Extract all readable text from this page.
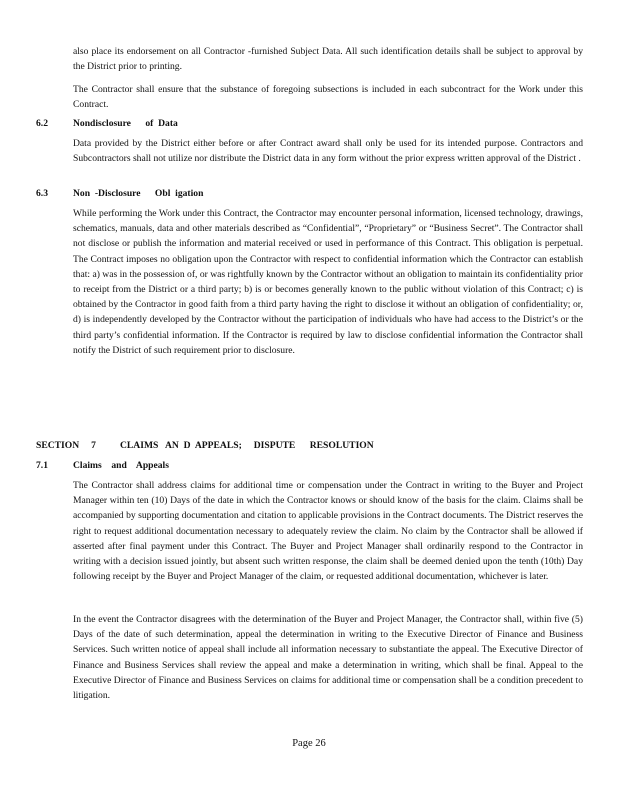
also place its endorsement on all Contractor -furnished Subject Data. All such identification details shall be subject to approval by the District prior to printing.

The Contractor shall ensure that the substance of foregoing subsections is included in each subcontract for the Work under this Contract.

6.2	Nondisclosure      of  Data

Data provided by the District either before or after Contract award shall only be used for its intended purpose. Contractors and Subcontractors shall not utilize nor distribute the District data in any form without the prior express written approval of the District .

6.3	Non  -Disclosure      Obl  igation

While performing the Work under this Contract, the Contractor may encounter personal information, licensed technology, drawings, schematics, manuals, data and other materials described as “Confidential”, “Proprietary” or “Business Secret”. The Contractor shall not disclose or publish the information and material received or used in performance of this Contract. This obligation is perpetual. The Contract imposes no obligation upon the Contractor with respect to confidential information which the Contractor can establish that: a) was in the possession of, or was rightfully known by the Contractor without an obligation to maintain its confidentiality prior to receipt from the District or a third party; b) is or becomes generally known to the public without violation of this Contract; c) is obtained by the Contractor in good faith from a third party having the right to disclose it without an obligation of confidentiality; or, d) is independently developed by the Contractor without the participation of individuals who have had access to the District’s or the third party’s confidential information. If the Contractor is required by law to disclose confidential information the Contractor shall notify the District of such requirement prior to disclosure.

SECTION     7          CLAIMS   AN  D  APPEALS;     DISPUTE      RESOLUTION
7.1	Claims    and    Appeals

The Contractor shall address claims for additional time or compensation under the Contract in writing to the Buyer and Project Manager within ten (10) Days of the date in which the Contractor knows or should know of the basis for the claim. Claims shall be accompanied by supporting documentation and citation to applicable provisions in the Contract documents. The District reserves the right to request additional documentation necessary to adequately review the claim. No claim by the Contractor shall be allowed if asserted after final payment under this Contract. The Buyer and Project Manager shall ordinarily respond to the Contractor in writing with a decision issued jointly, but absent such written response, the claim shall be deemed denied upon the tenth (10th) Day following receipt by the Buyer and Project Manager of the claim, or requested additional documentation, whichever is later.

In the event the Contractor disagrees with the determination of the Buyer and Project Manager, the Contractor shall, within five (5) Days of the date of such determination, appeal the determination in writing to the Executive Director of Finance and Business Services. Such written notice of appeal shall include all information necessary to substantiate the appeal. The Executive Director of Finance and Business Services shall review the appeal and make a determination in writing, which shall be final. Appeal to the Executive Director of Finance and Business Services on claims for additional time or compensation shall be a condition precedent to litigation.

Page 26
